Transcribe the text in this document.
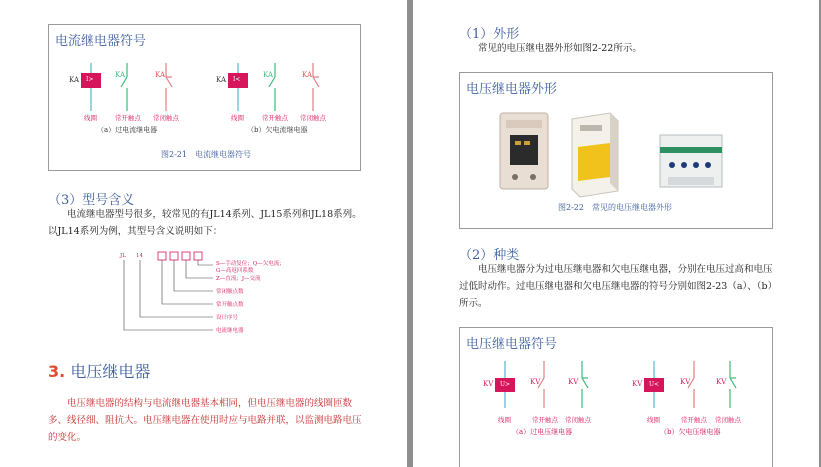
电流继电器符号
KA I>
KA	KA
KA I<
KA	KA
线圈	常开触点 常闭触点
（a）过电流继电器
线圈	常开触点 常闭触点
（b）欠电流继电器
图2-21　电流继电器符号
（3）型号含义
电流继电器型号很多，较常见的有JL14系列、JL15系列和JL18系列。以JL14系列为例，其型号含义说明如下：
JL 14
S—手动复位；Q—欠电流；
G—高返回系数
Z—直流；J—交流
常闭触点数
常开触点数
设计序号
电流继电器
3. 电压继电器
电压继电器的结构与电流继电器基本相同，但电压继电器的线圈匝数多、线径细、阻抗大。电压继电器在使用时应与电路并联，以监测电路电压的变化。
（1）外形
常见的电压继电器外形如图2-22所示。
电压继电器外形
图2-22　常见的电压继电器外形
（2）种类
电压继电器分为过电压继电器和欠电压继电器，分别在电压过高和电压过低时动作。过电压继电器和欠电压继电器的符号分别如图2-23（a）、（b）所示。
电压继电器符号
KV U>	KV	KV	KV U<	KV	KV
线圈	常开触点 常闭触点
（a）过电压继电器
线圈	常开触点 常闭触点
（b）欠电压继电器
